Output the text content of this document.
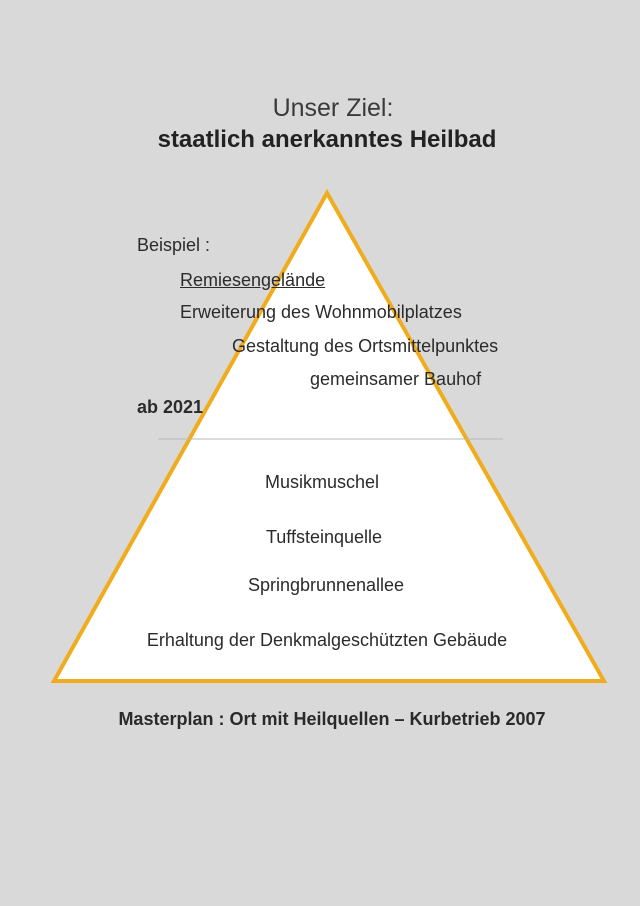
Unser Ziel:
staatlich anerkanntes Heilbad
Beispiel :
Remiesengelände
Erweiterung des Wohnmobilplatzes
Gestaltung des Ortsmittelpunktes
gemeinsamer Bauhof
ab 2021
Musikmuschel
Tuffsteinquelle
Springbrunnenallee
Erhaltung der Denkmalgeschützten Gebäude
Masterplan : Ort mit Heilquellen – Kurbetrieb 2007
